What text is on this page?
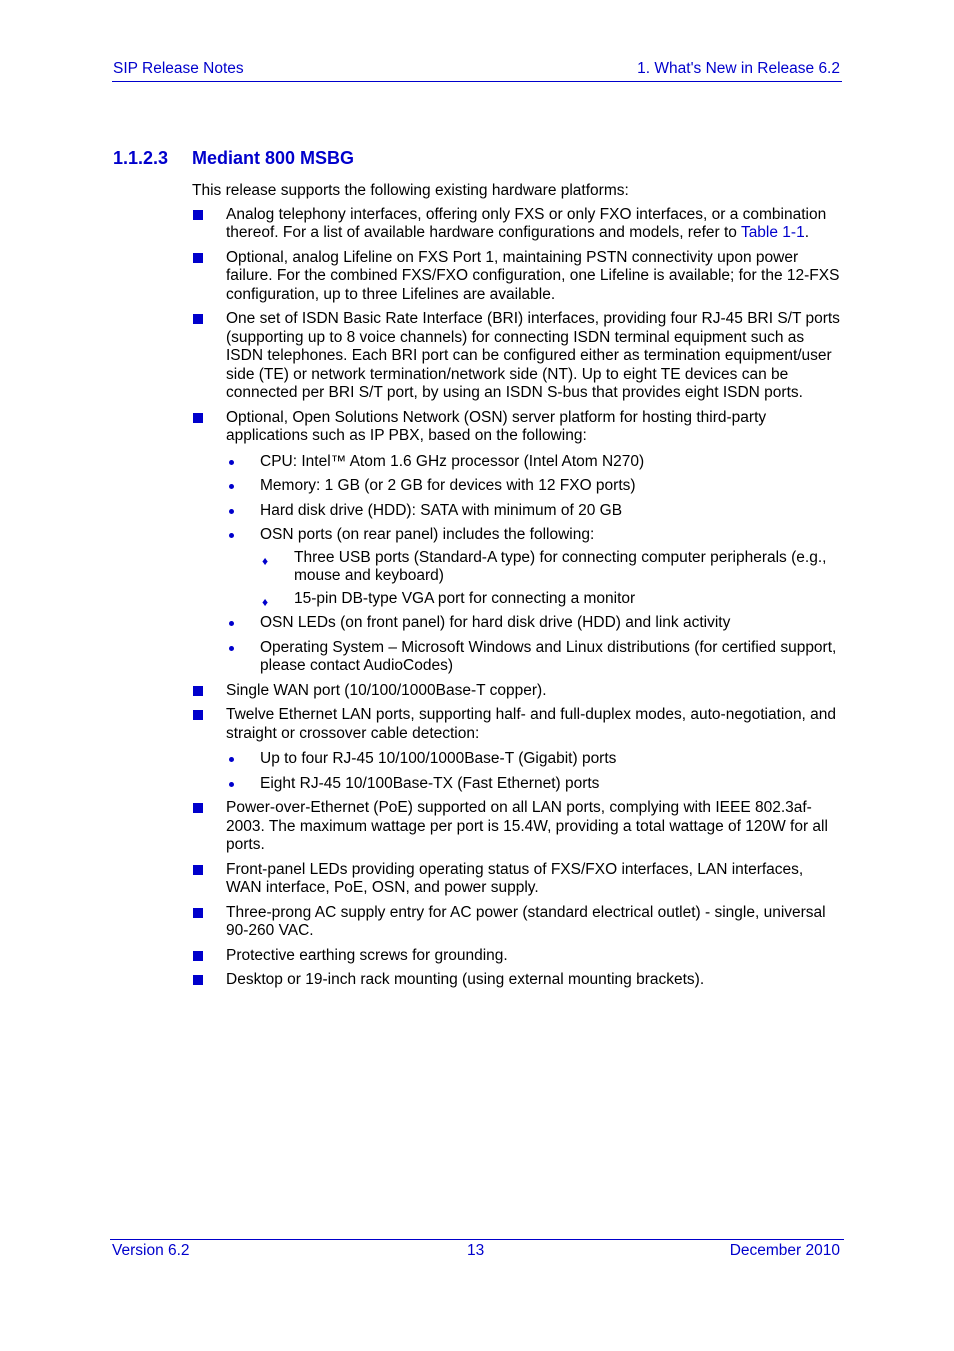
SIP Release Notes	1. What's New in Release 6.2
1.1.2.3 Mediant 800 MSBG

This release supports the following existing hardware platforms:

Analog telephony interfaces, offering only FXS or only FXO interfaces, or a combination thereof. For a list of available hardware configurations and models, refer to Table 1-1.
Optional, analog Lifeline on FXS Port 1, maintaining PSTN connectivity upon power failure. For the combined FXS/FXO configuration, one Lifeline is available; for the 12-FXS configuration, up to three Lifelines are available.
One set of ISDN Basic Rate Interface (BRI) interfaces, providing four RJ-45 BRI S/T ports (supporting up to 8 voice channels) for connecting ISDN terminal equipment such as ISDN telephones. Each BRI port can be configured either as termination equipment/user side (TE) or network termination/network side (NT). Up to eight TE devices can be connected per BRI S/T port, by using an ISDN S-bus that provides eight ISDN ports.
Optional, Open Solutions Network (OSN) server platform for hosting third-party applications such as IP PBX, based on the following:
CPU: Intel™ Atom 1.6 GHz processor (Intel Atom N270)
Memory: 1 GB (or 2 GB for devices with 12 FXO ports)
Hard disk drive (HDD): SATA with minimum of 20 GB
OSN ports (on rear panel) includes the following:
♦ Three USB ports (Standard-A type) for connecting computer peripherals (e.g., mouse and keyboard)
♦ 15-pin DB-type VGA port for connecting a monitor
OSN LEDs (on front panel) for hard disk drive (HDD) and link activity
Operating System – Microsoft Windows and Linux distributions (for certified support, please contact AudioCodes)
Single WAN port (10/100/1000Base-T copper).
Twelve Ethernet LAN ports, supporting half- and full-duplex modes, auto-negotiation, and straight or crossover cable detection:
Up to four RJ-45 10/100/1000Base-T (Gigabit) ports
Eight RJ-45 10/100Base-TX (Fast Ethernet) ports
Power-over-Ethernet (PoE) supported on all LAN ports, complying with IEEE 802.3af-2003. The maximum wattage per port is 15.4W, providing a total wattage of 120W for all ports.
Front-panel LEDs providing operating status of FXS/FXO interfaces, LAN interfaces, WAN interface, PoE, OSN, and power supply.
Three-prong AC supply entry for AC power (standard electrical outlet) - single, universal 90-260 VAC.
Protective earthing screws for grounding.
Desktop or 19-inch rack mounting (using external mounting brackets).
Version 6.2	13	December 2010
